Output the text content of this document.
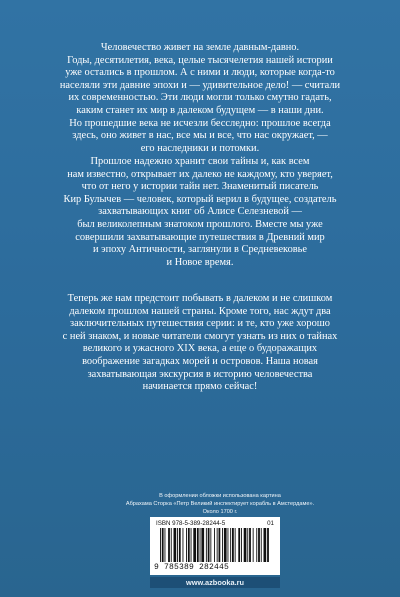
Человечество живет на земле давным-давно.
Годы, десятилетия, века, целые тысячелетия нашей истории
уже остались в прошлом. А с ними и люди, которые когда-то
населяли эти давние эпохи и — удивительное дело! — считали
их современностью. Эти люди могли только смутно гадать,
каким станет их мир в далеком будущем — в наши дни.
Но прошедшие века не исчезли бесследно: прошлое всегда
здесь, оно живет в нас, все мы и все, что нас окружает, —
его наследники и потомки.
Прошлое надежно хранит свои тайны и, как всем
нам известно, открывает их далеко не каждому, кто уверяет,
что от него у истории тайн нет. Знаменитый писатель
Кир Булычев — человек, который верил в будущее, создатель
захватывающих книг об Алисе Селезневой —
был великолепным знатоком прошлого. Вместе мы уже
совершили захватывающие путешествия в Древний мир
и эпоху Античности, заглянули в Средневековье
и Новое время.
Теперь же нам предстоит побывать в далеком и не слишком
далеком прошлом нашей страны. Кроме того, нас ждут два
заключительных путешествия серии: и те, кто уже хорошо
с ней знаком, и новые читатели смогут узнать из них о тайнах
великого и ужасного XIX века, а еще о будоражащих
воображение загадках морей и островов. Наша новая
захватывающая экскурсия в историю человечества
начинается прямо сейчас!
В оформлении обложки использована картина
Абрахама Сторка «Петр Великий инспектирует корабль в Амстердаме».
Около 1700 г.
ISBN 978-5-389-28244-5	01
9 785389 282445
www.azbooka.ru
